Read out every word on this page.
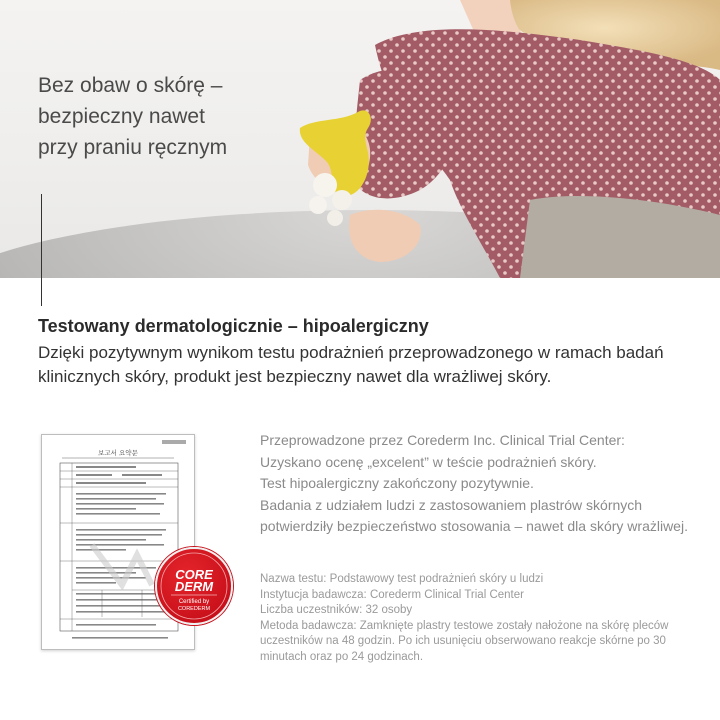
Bez obaw o skórę –
bezpieczny nawet
przy praniu ręcznym
Testowany dermatologicznie – hipoalergiczny

Dzięki pozytywnym wynikom testu podrażnień przeprowadzonego w ramach badań klinicznych skóry, produkt jest bezpieczny nawet dla wrażliwej skóry.

보고서 요약문
CORE
DERM
Certified by
COREDERM

Przeprowadzone przez Corederm Inc. Clinical Trial Center:

Uzyskano ocenę „excelent” w teście podrażnień skóry.

Test hipoalergiczny zakończony pozytywnie.

Badania z udziałem ludzi z zastosowaniem plastrów skórnych potwierdziły bezpieczeństwo stosowania – nawet dla skóry wrażliwej.

Nazwa testu: Podstawowy test podrażnień skóry u ludzi

Instytucja badawcza: Corederm Clinical Trial Center

Liczba uczestników: 32 osoby

Metoda badawcza: Zamknięte plastry testowe zostały nałożone na skórę pleców uczestników na 48 godzin. Po ich usunięciu obserwowano reakcje skórne po 30 minutach oraz po 24 godzinach.
